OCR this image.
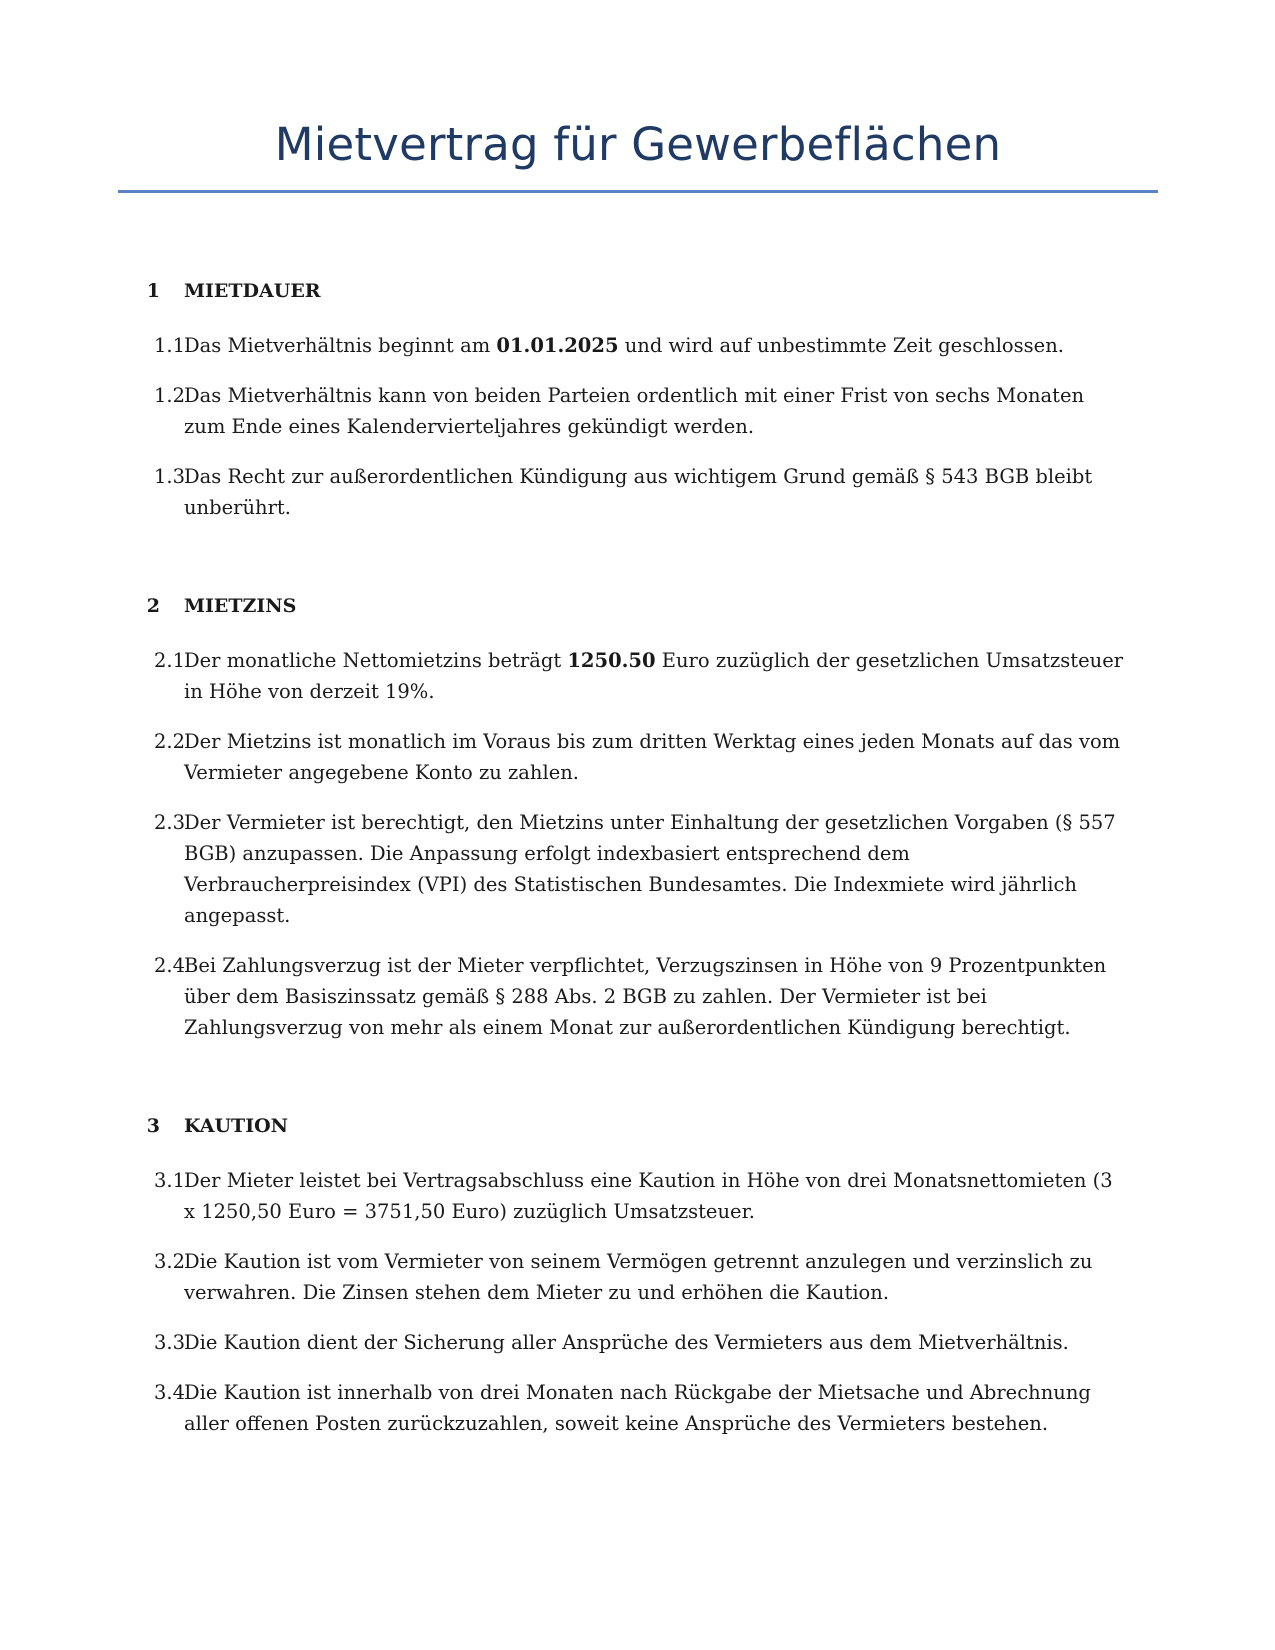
Mietvertrag für Gewerbeflächen
1	MIETDAUER
1.1
Das Mietverhältnis beginnt am 01.01.2025 und wird auf unbestimmte Zeit geschlossen.
1.2
Das Mietverhältnis kann von beiden Parteien ordentlich mit einer Frist von sechs Monaten zum Ende eines Kalendervierteljahres gekündigt werden.
1.3
Das Recht zur außerordentlichen Kündigung aus wichtigem Grund gemäß § 543 BGB bleibt unberührt.
2	MIETZINS
2.1
Der monatliche Nettomietzins beträgt 1250.50 Euro zuzüglich der gesetzlichen Umsatzsteuer in Höhe von derzeit 19%.
2.2
Der Mietzins ist monatlich im Voraus bis zum dritten Werktag eines jeden Monats auf das vom Vermieter angegebene Konto zu zahlen.
2.3
Der Vermieter ist berechtigt, den Mietzins unter Einhaltung der gesetzlichen Vorgaben (§ 557 BGB) anzupassen. Die Anpassung erfolgt indexbasiert entsprechend dem Verbraucherpreisindex (VPI) des Statistischen Bundesamtes. Die Indexmiete wird jährlich angepasst.
2.4
Bei Zahlungsverzug ist der Mieter verpflichtet, Verzugszinsen in Höhe von 9 Prozentpunkten über dem Basiszinssatz gemäß § 288 Abs. 2 BGB zu zahlen. Der Vermieter ist bei Zahlungsverzug von mehr als einem Monat zur außerordentlichen Kündigung berechtigt.
3	KAUTION
3.1
Der Mieter leistet bei Vertragsabschluss eine Kaution in Höhe von drei Monatsnettomieten (3 x 1250,50 Euro = 3751,50 Euro) zuzüglich Umsatzsteuer.
3.2
Die Kaution ist vom Vermieter von seinem Vermögen getrennt anzulegen und verzinslich zu verwahren. Die Zinsen stehen dem Mieter zu und erhöhen die Kaution.
3.3
Die Kaution dient der Sicherung aller Ansprüche des Vermieters aus dem Mietverhältnis.
3.4
Die Kaution ist innerhalb von drei Monaten nach Rückgabe der Mietsache und Abrechnung aller offenen Posten zurückzuzahlen, soweit keine Ansprüche des Vermieters bestehen.
